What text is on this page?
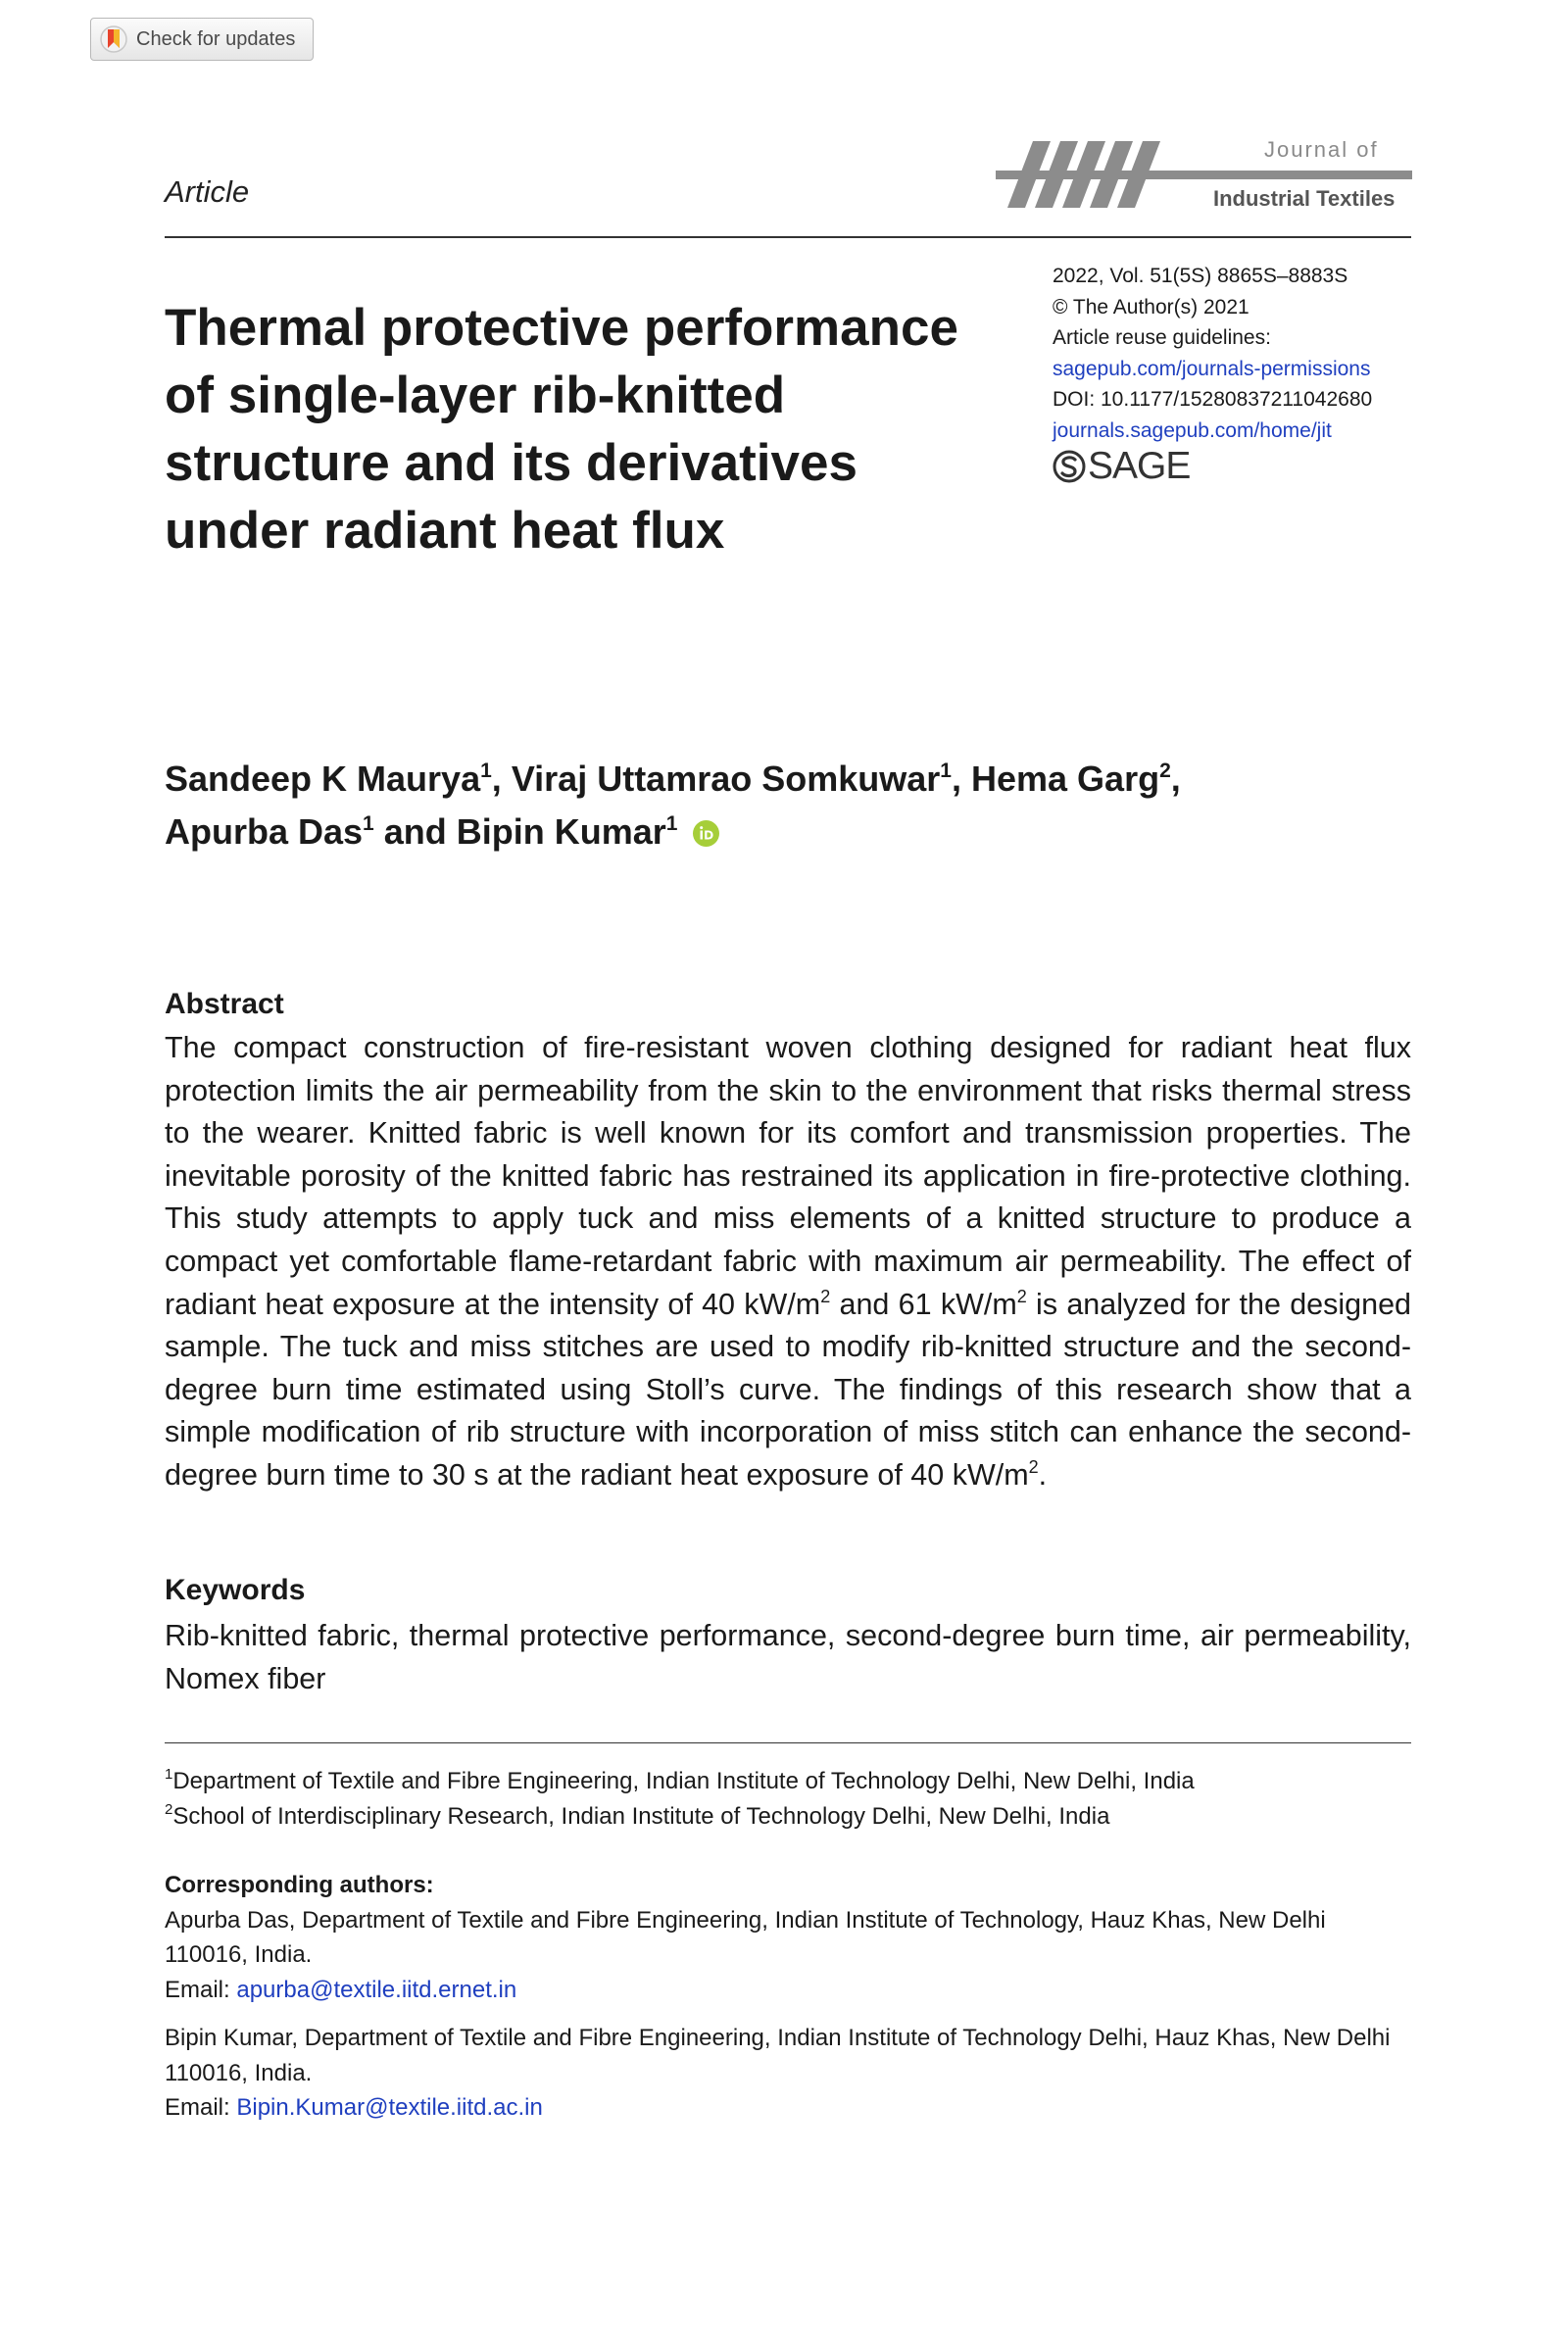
Check for updates
Article
Journal of
Industrial Textiles
Thermal protective performance of single-layer rib-knitted structure and its derivatives under radiant heat flux
2022, Vol. 51(5S) 8865S–8883S
© The Author(s) 2021
Article reuse guidelines:
sagepub.com/journals-permissions
DOI: 10.1177/15280837211042680
journals.sagepub.com/home/jit
SAGE
Sandeep K Maurya$^1$, Viraj Uttamrao Somkuwar$^1$, Hema Garg$^2$,
Apurba Das$^1$ and Bipin Kumar$^1$
Abstract
The compact construction of fire-resistant woven clothing designed for radiant heat flux protection limits the air permeability from the skin to the environment that risks thermal stress to the wearer. Knitted fabric is well known for its comfort and transmission properties. The inevitable porosity of the knitted fabric has restrained its application in fire-protective clothing. This study attempts to apply tuck and miss elements of a knitted structure to produce a compact yet comfortable flame-retardant fabric with maximum air permeability. The effect of radiant heat exposure at the intensity of 40 $kW/m^2$ and 61 $kW/m^2$ is analyzed for the designed sample. The tuck and miss stitches are used to modify rib-knitted structure and the second-degree burn time estimated using Stoll’s curve. The findings of this research show that a simple modification of rib structure with incorporation of miss stitch can enhance the second-degree burn time to 30 s at the radiant heat exposure of 40 $kW/m^2$.
Keywords
Rib-knitted fabric, thermal protective performance, second-degree burn time, air permeability, Nomex fiber
$^1$Department of Textile and Fibre Engineering, Indian Institute of Technology Delhi, New Delhi, India
$^2$School of Interdisciplinary Research, Indian Institute of Technology Delhi, New Delhi, India
Corresponding authors:
Apurba Das, Department of Textile and Fibre Engineering, Indian Institute of Technology, Hauz Khas, New Delhi 110016, India.
Email: apurba@textile.iitd.ernet.in
Bipin Kumar, Department of Textile and Fibre Engineering, Indian Institute of Technology Delhi, Hauz Khas, New Delhi 110016, India.
Email: Bipin.Kumar@textile.iitd.ac.in
